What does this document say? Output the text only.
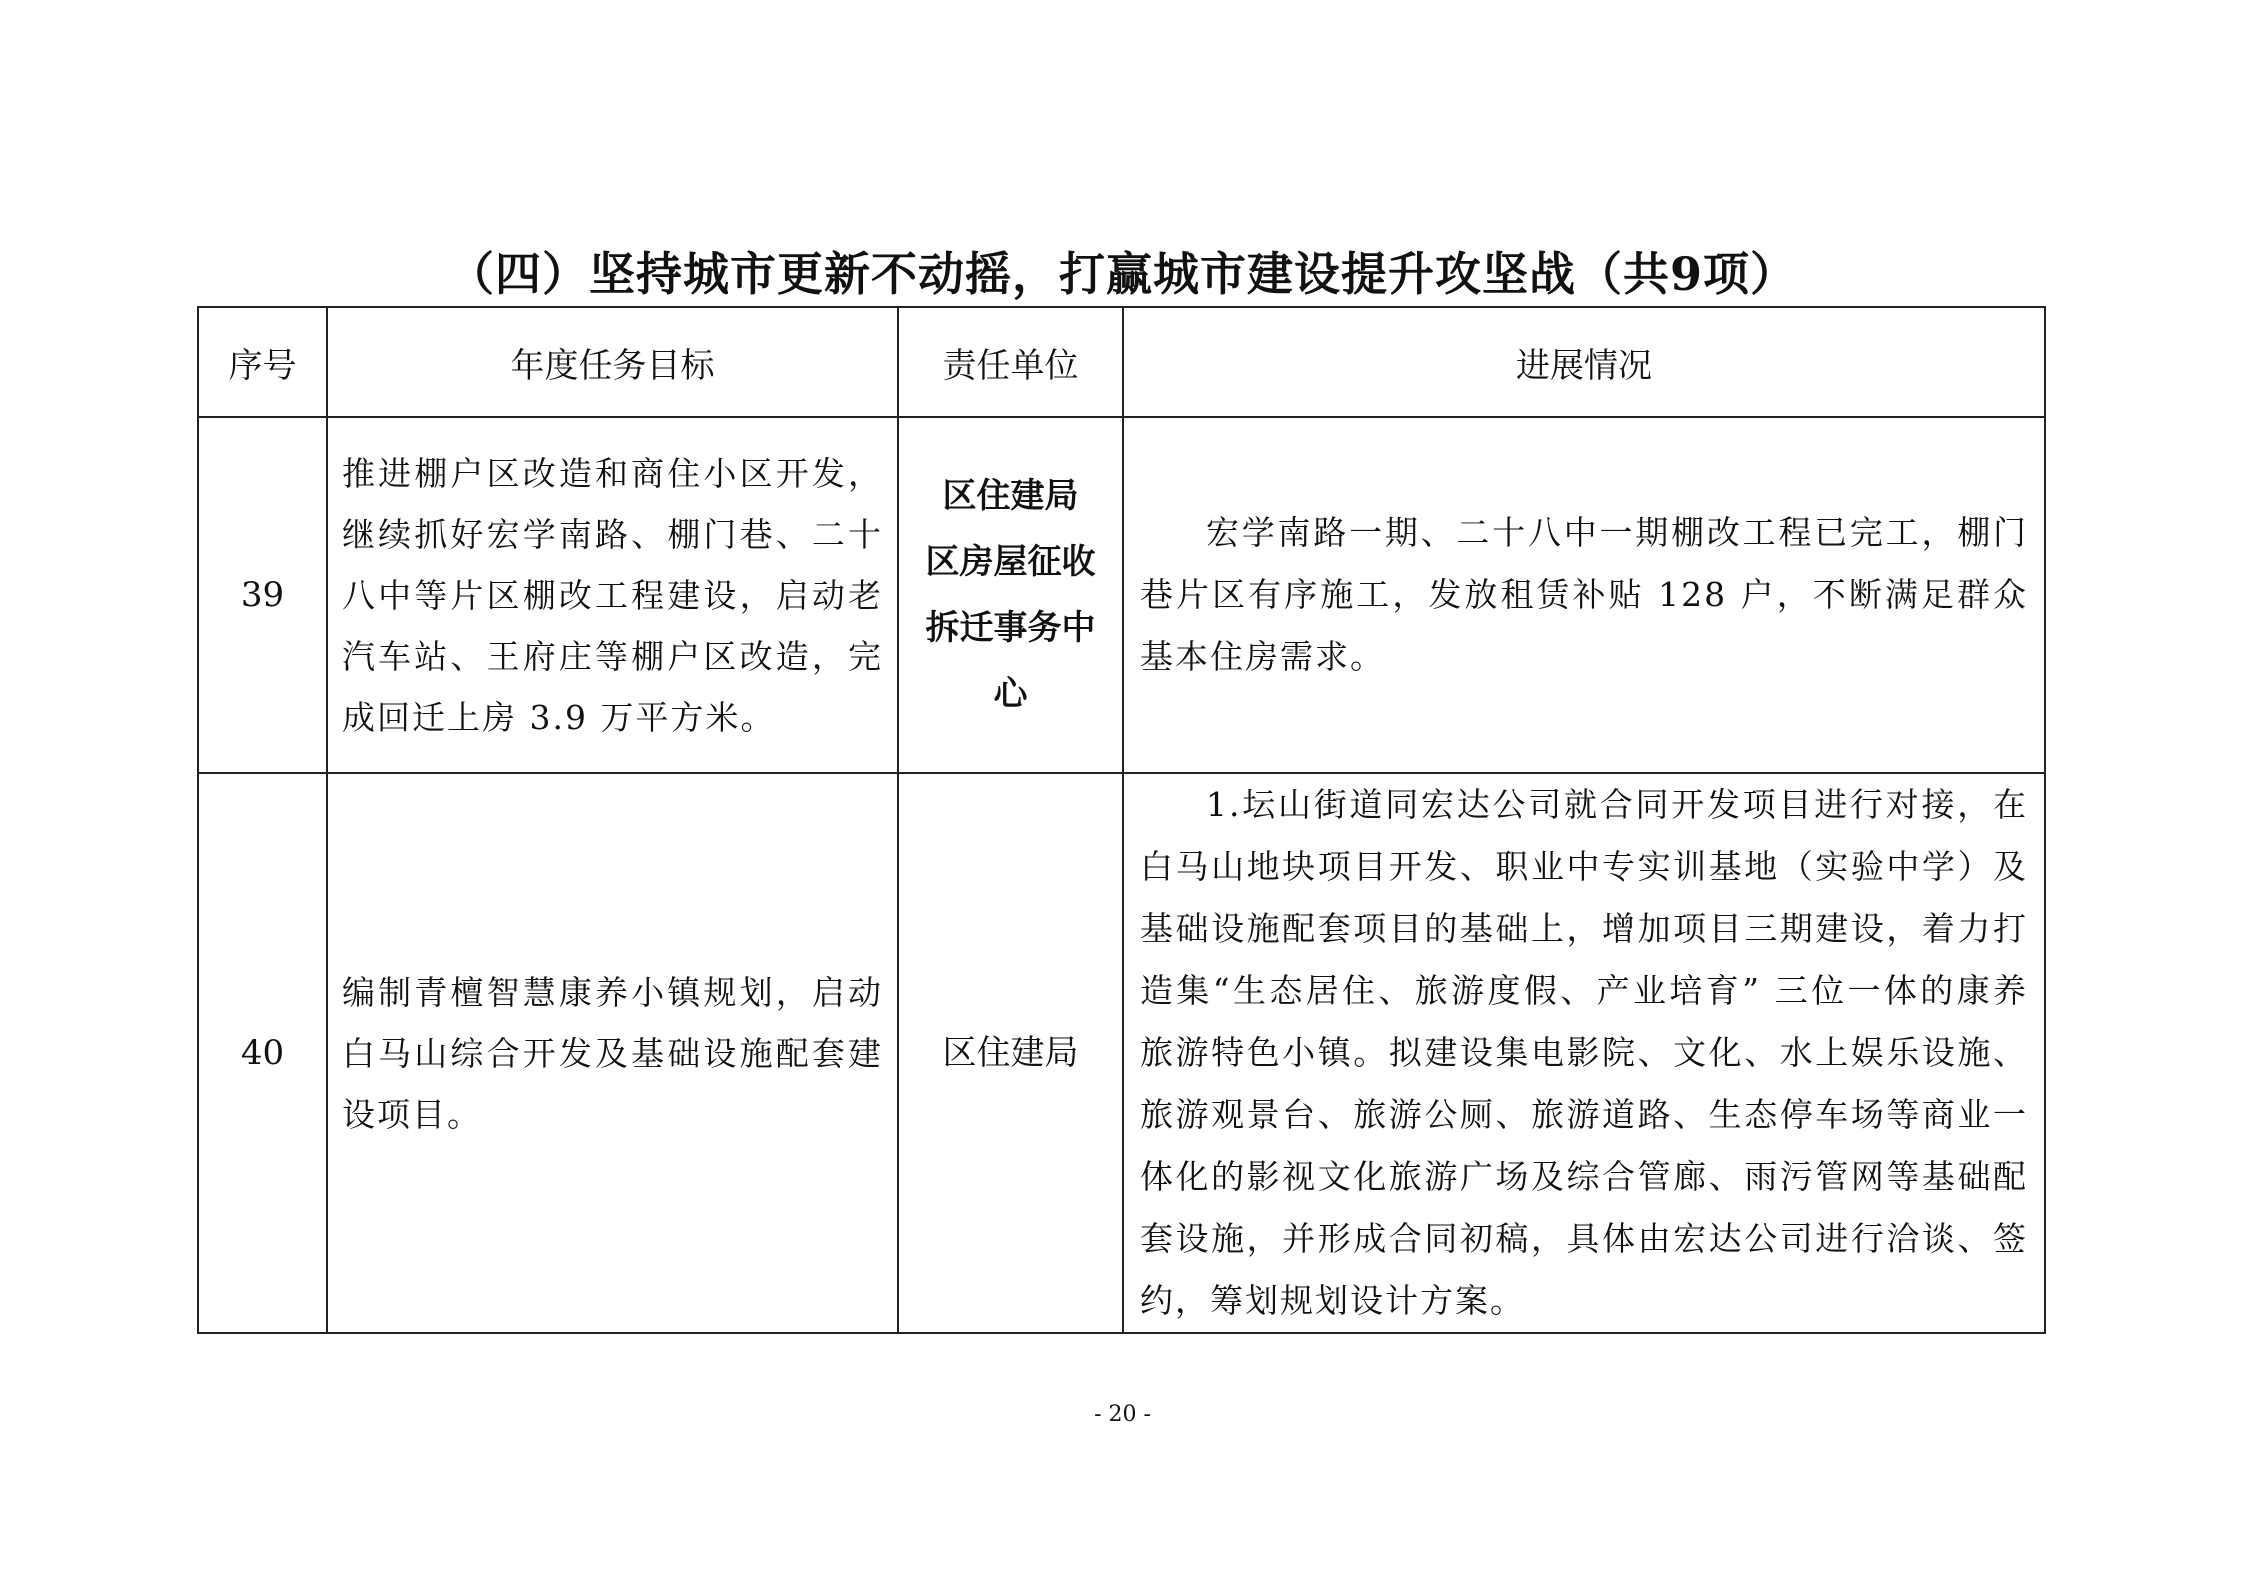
（四）坚持城市更新不动摇，打赢城市建设提升攻坚战（共9项）
序号	年度任务目标	责任单位	进展情况
39	推进棚户区改造和商住小区开发，继续抓好宏学南路、棚门巷、二十八中等片区棚改工程建设，启动老汽车站、王府庄等棚户区改造，完成回迁上房 3.9 万平方米。	区住建局
区房屋征收
拆迁事务中
心	宏学南路一期、二十八中一期棚改工程已完工，棚门巷片区有序施工，发放租赁补贴 128 户，不断满足群众基本住房需求。
40	编制青檀智慧康养小镇规划，启动白马山综合开发及基础设施配套建设项目。	区住建局	1.坛山街道同宏达公司就合同开发项目进行对接，在白马山地块项目开发、职业中专实训基地（实验中学）及基础设施配套项目的基础上，增加项目三期建设，着力打造集“生态居住、旅游度假、产业培育” 三位一体的康养旅游特色小镇。拟建设集电影院、文化、水上娱乐设施、旅游观景台、旅游公厕、旅游道路、生态停车场等商业一体化的影视文化旅游广场及综合管廊、雨污管网等基础配套设施，并形成合同初稿，具体由宏达公司进行洽谈、签约，筹划规划设计方案。
- 20 -
